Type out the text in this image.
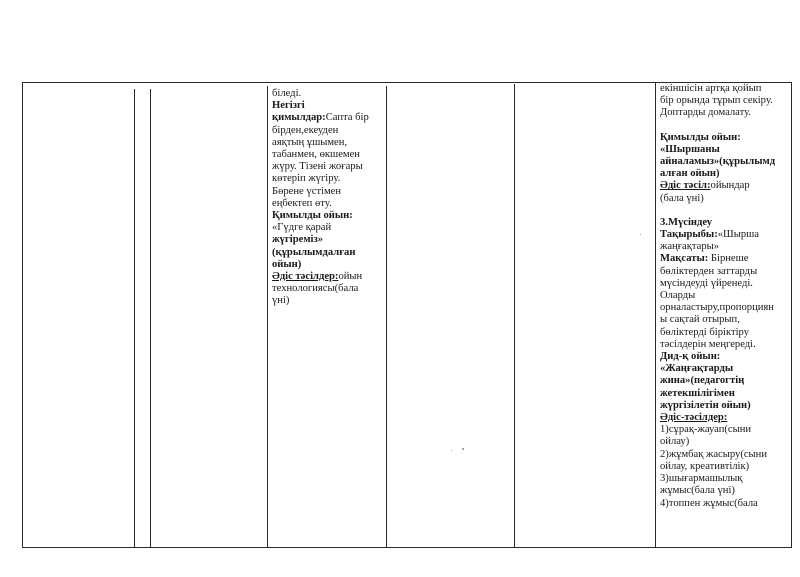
біледі.
Негізгі
қимылдар:Сапта бір
бірден,екеуден
аяқтың ұшымен,
табанмен, өкшемен
жүру. Тізені жоғары
көтеріп жүгіру.
Бөрене үстімен
еңбектеп өту.
Қимылды ойын:
«Гүдге қарай
жүгіреміз»
(құрылымдалған
ойын)
Әдіс тәсілдер:ойын
технологиясы(бала
үні)
екіншісін артқа қойып
бір орында тұрып секіру.
Доптарды домалату.
Қимылды ойын:
«Шыршаны
айналамыз»(құрылымд
алған ойын)
Әдіс тәсіл:ойындар
(бала үні)
3.Мүсіндеу
Тақырыбы:«Шырша
жаңғақтары»
Мақсаты: Бірнеше
бөліктерден заттарды
мүсіндеуді үйренеді.
Оларды
орналастыру,пропорциян
ы сақтай отырып,
бөліктерді біріктіру
тәсілдерін меңгереді.
Дид-қ ойын:
«Жаңғақтарды
жина»(педагогтің
жетекшілігімен
жүргізілетін ойын)
Әдіс-тәсілдер:
1)сұрақ-жауап(сыни
ойлау)
2)жұмбақ жасыру(сыни
ойлау, креативтілік)
3)шығармашылық
жұмыс(бала үні)
4)топпен жұмыс(бала
